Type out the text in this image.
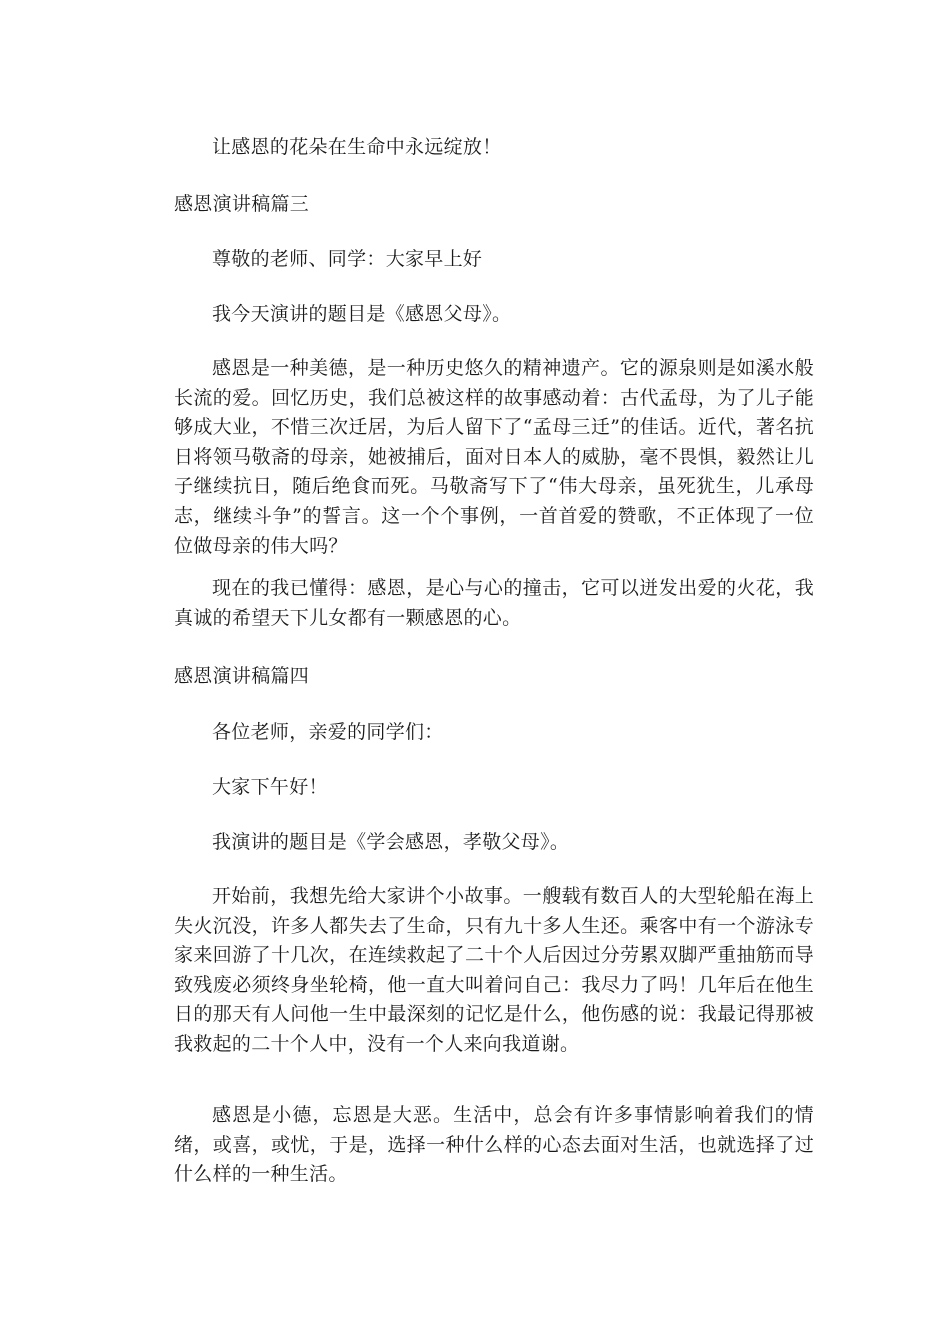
让感恩的花朵在生命中永远绽放！

感恩演讲稿篇三

尊敬的老师、同学：大家早上好

我今天演讲的题目是《感恩父母》。

感恩是一种美德，是一种历史悠久的精神遗产。它的源泉则是如溪水般长流的爱。回忆历史，我们总被这样的故事感动着：古代孟母，为了儿子能够成大业，不惜三次迁居，为后人留下了“孟母三迁”的佳话。近代，著名抗日将领马敬斋的母亲，她被捕后，面对日本人的威胁，毫不畏惧，毅然让儿子继续抗日，随后绝食而死。马敬斋写下了“伟大母亲，虽死犹生，儿承母志，继续斗争”的誓言。这一个个事例，一首首爱的赞歌，不正体现了一位位做母亲的伟大吗？

现在的我已懂得：感恩，是心与心的撞击，它可以迸发出爱的火花，我真诚的希望天下儿女都有一颗感恩的心。

感恩演讲稿篇四

各位老师，亲爱的同学们：

大家下午好！

我演讲的题目是《学会感恩，孝敬父母》。

开始前，我想先给大家讲个小故事。一艘载有数百人的大型轮船在海上失火沉没，许多人都失去了生命，只有九十多人生还。乘客中有一个游泳专家来回游了十几次，在连续救起了二十个人后因过分劳累双脚严重抽筋而导致残废必须终身坐轮椅，他一直大叫着问自己：我尽力了吗！几年后在他生日的那天有人问他一生中最深刻的记忆是什么，他伤感的说：我最记得那被我救起的二十个人中，没有一个人来向我道谢。

感恩是小德，忘恩是大恶。生活中，总会有许多事情影响着我们的情绪，或喜，或忧，于是，选择一种什么样的心态去面对生活，也就选择了过什么样的一种生活。
